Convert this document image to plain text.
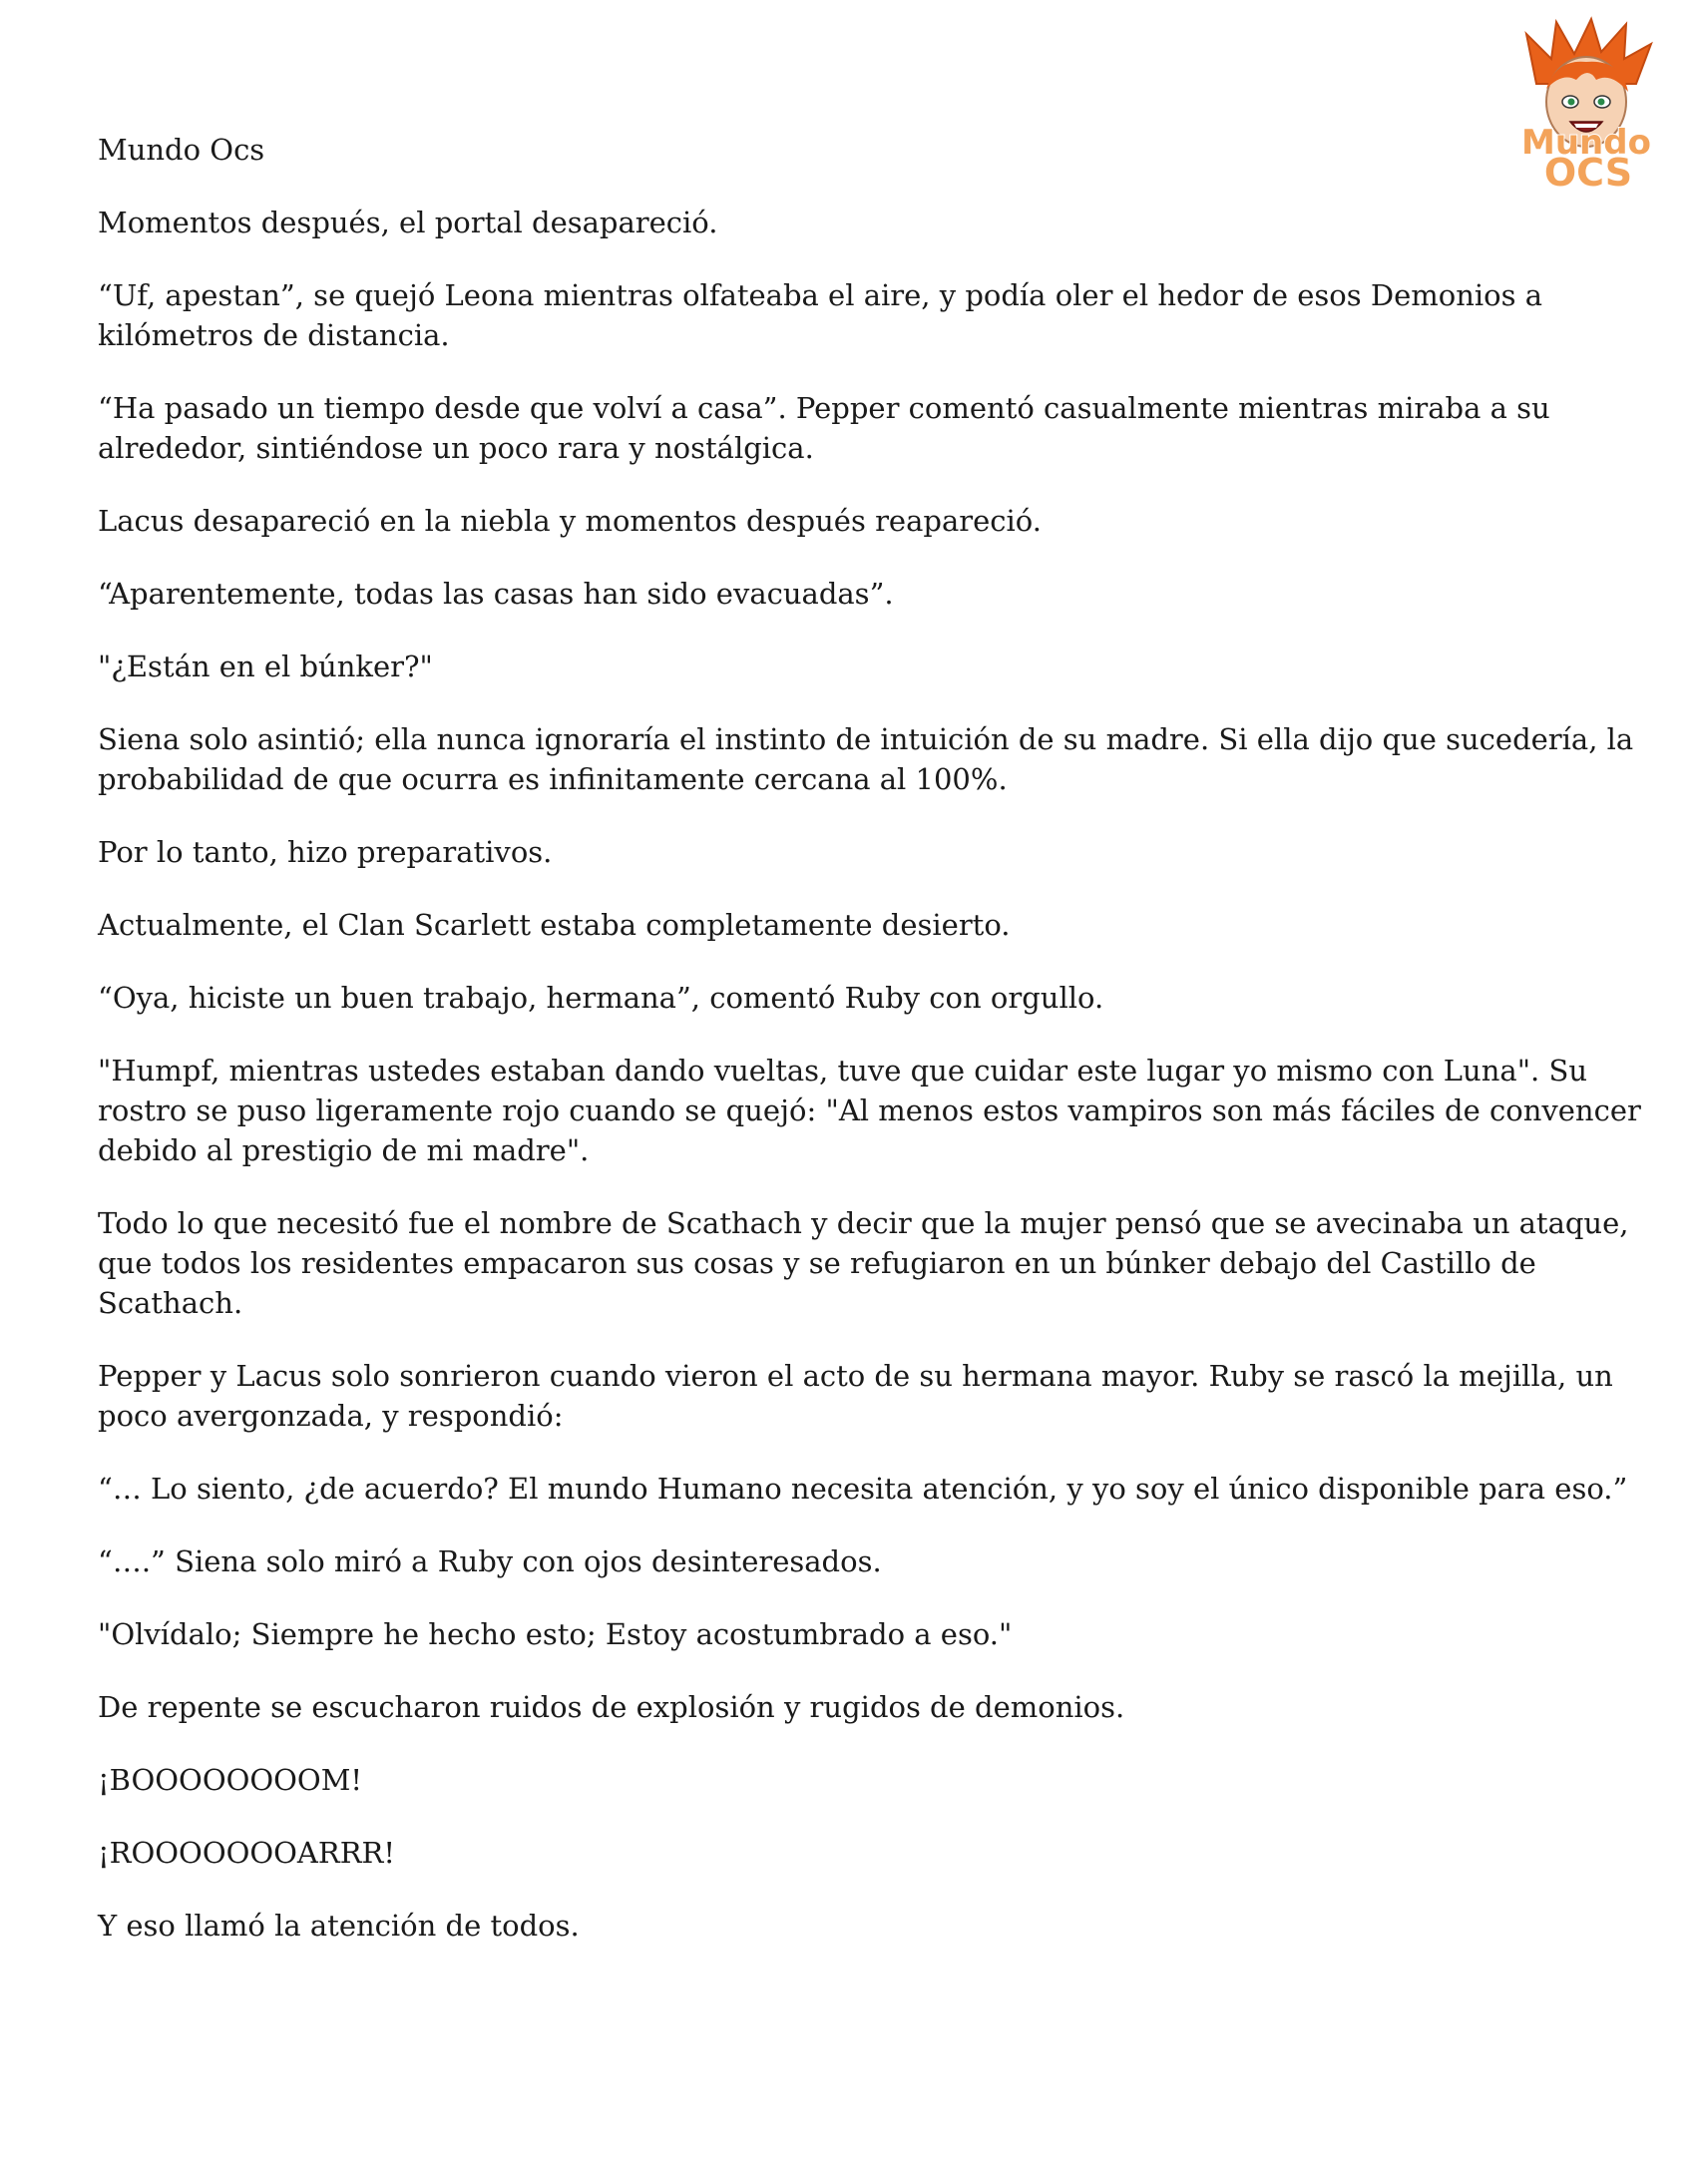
Mundo
OCS

Mundo Ocs

Momentos después, el portal desapareció.

“Uf, apestan”, se quejó Leona mientras olfateaba el aire, y podía oler el hedor de esos Demonios a kilómetros de distancia.

“Ha pasado un tiempo desde que volví a casa”. Pepper comentó casualmente mientras miraba a su alrededor, sintiéndose un poco rara y nostálgica.

Lacus desapareció en la niebla y momentos después reapareció.

“Aparentemente, todas las casas han sido evacuadas”.

"¿Están en el búnker?"

Siena solo asintió; ella nunca ignoraría el instinto de intuición de su madre. Si ella dijo que sucedería, la probabilidad de que ocurra es infinitamente cercana al 100%.

Por lo tanto, hizo preparativos.

Actualmente, el Clan Scarlett estaba completamente desierto.

“Oya, hiciste un buen trabajo, hermana”, comentó Ruby con orgullo.

"Humpf, mientras ustedes estaban dando vueltas, tuve que cuidar este lugar yo mismo con Luna". Su rostro se puso ligeramente rojo cuando se quejó: "Al menos estos vampiros son más fáciles de convencer debido al prestigio de mi madre".

Todo lo que necesitó fue el nombre de Scathach y decir que la mujer pensó que se avecinaba un ataque, que todos los residentes empacaron sus cosas y se refugiaron en un búnker debajo del Castillo de Scathach.

Pepper y Lacus solo sonrieron cuando vieron el acto de su hermana mayor. Ruby se rascó la mejilla, un poco avergonzada, y respondió:

“… Lo siento, ¿de acuerdo? El mundo Humano necesita atención, y yo soy el único disponible para eso.”

“….” Siena solo miró a Ruby con ojos desinteresados.

"Olvídalo; Siempre he hecho esto; Estoy acostumbrado a eso."

De repente se escucharon ruidos de explosión y rugidos de demonios.

¡BOOOOOOOOM!

¡ROOOOOOOARRR!

Y eso llamó la atención de todos.
